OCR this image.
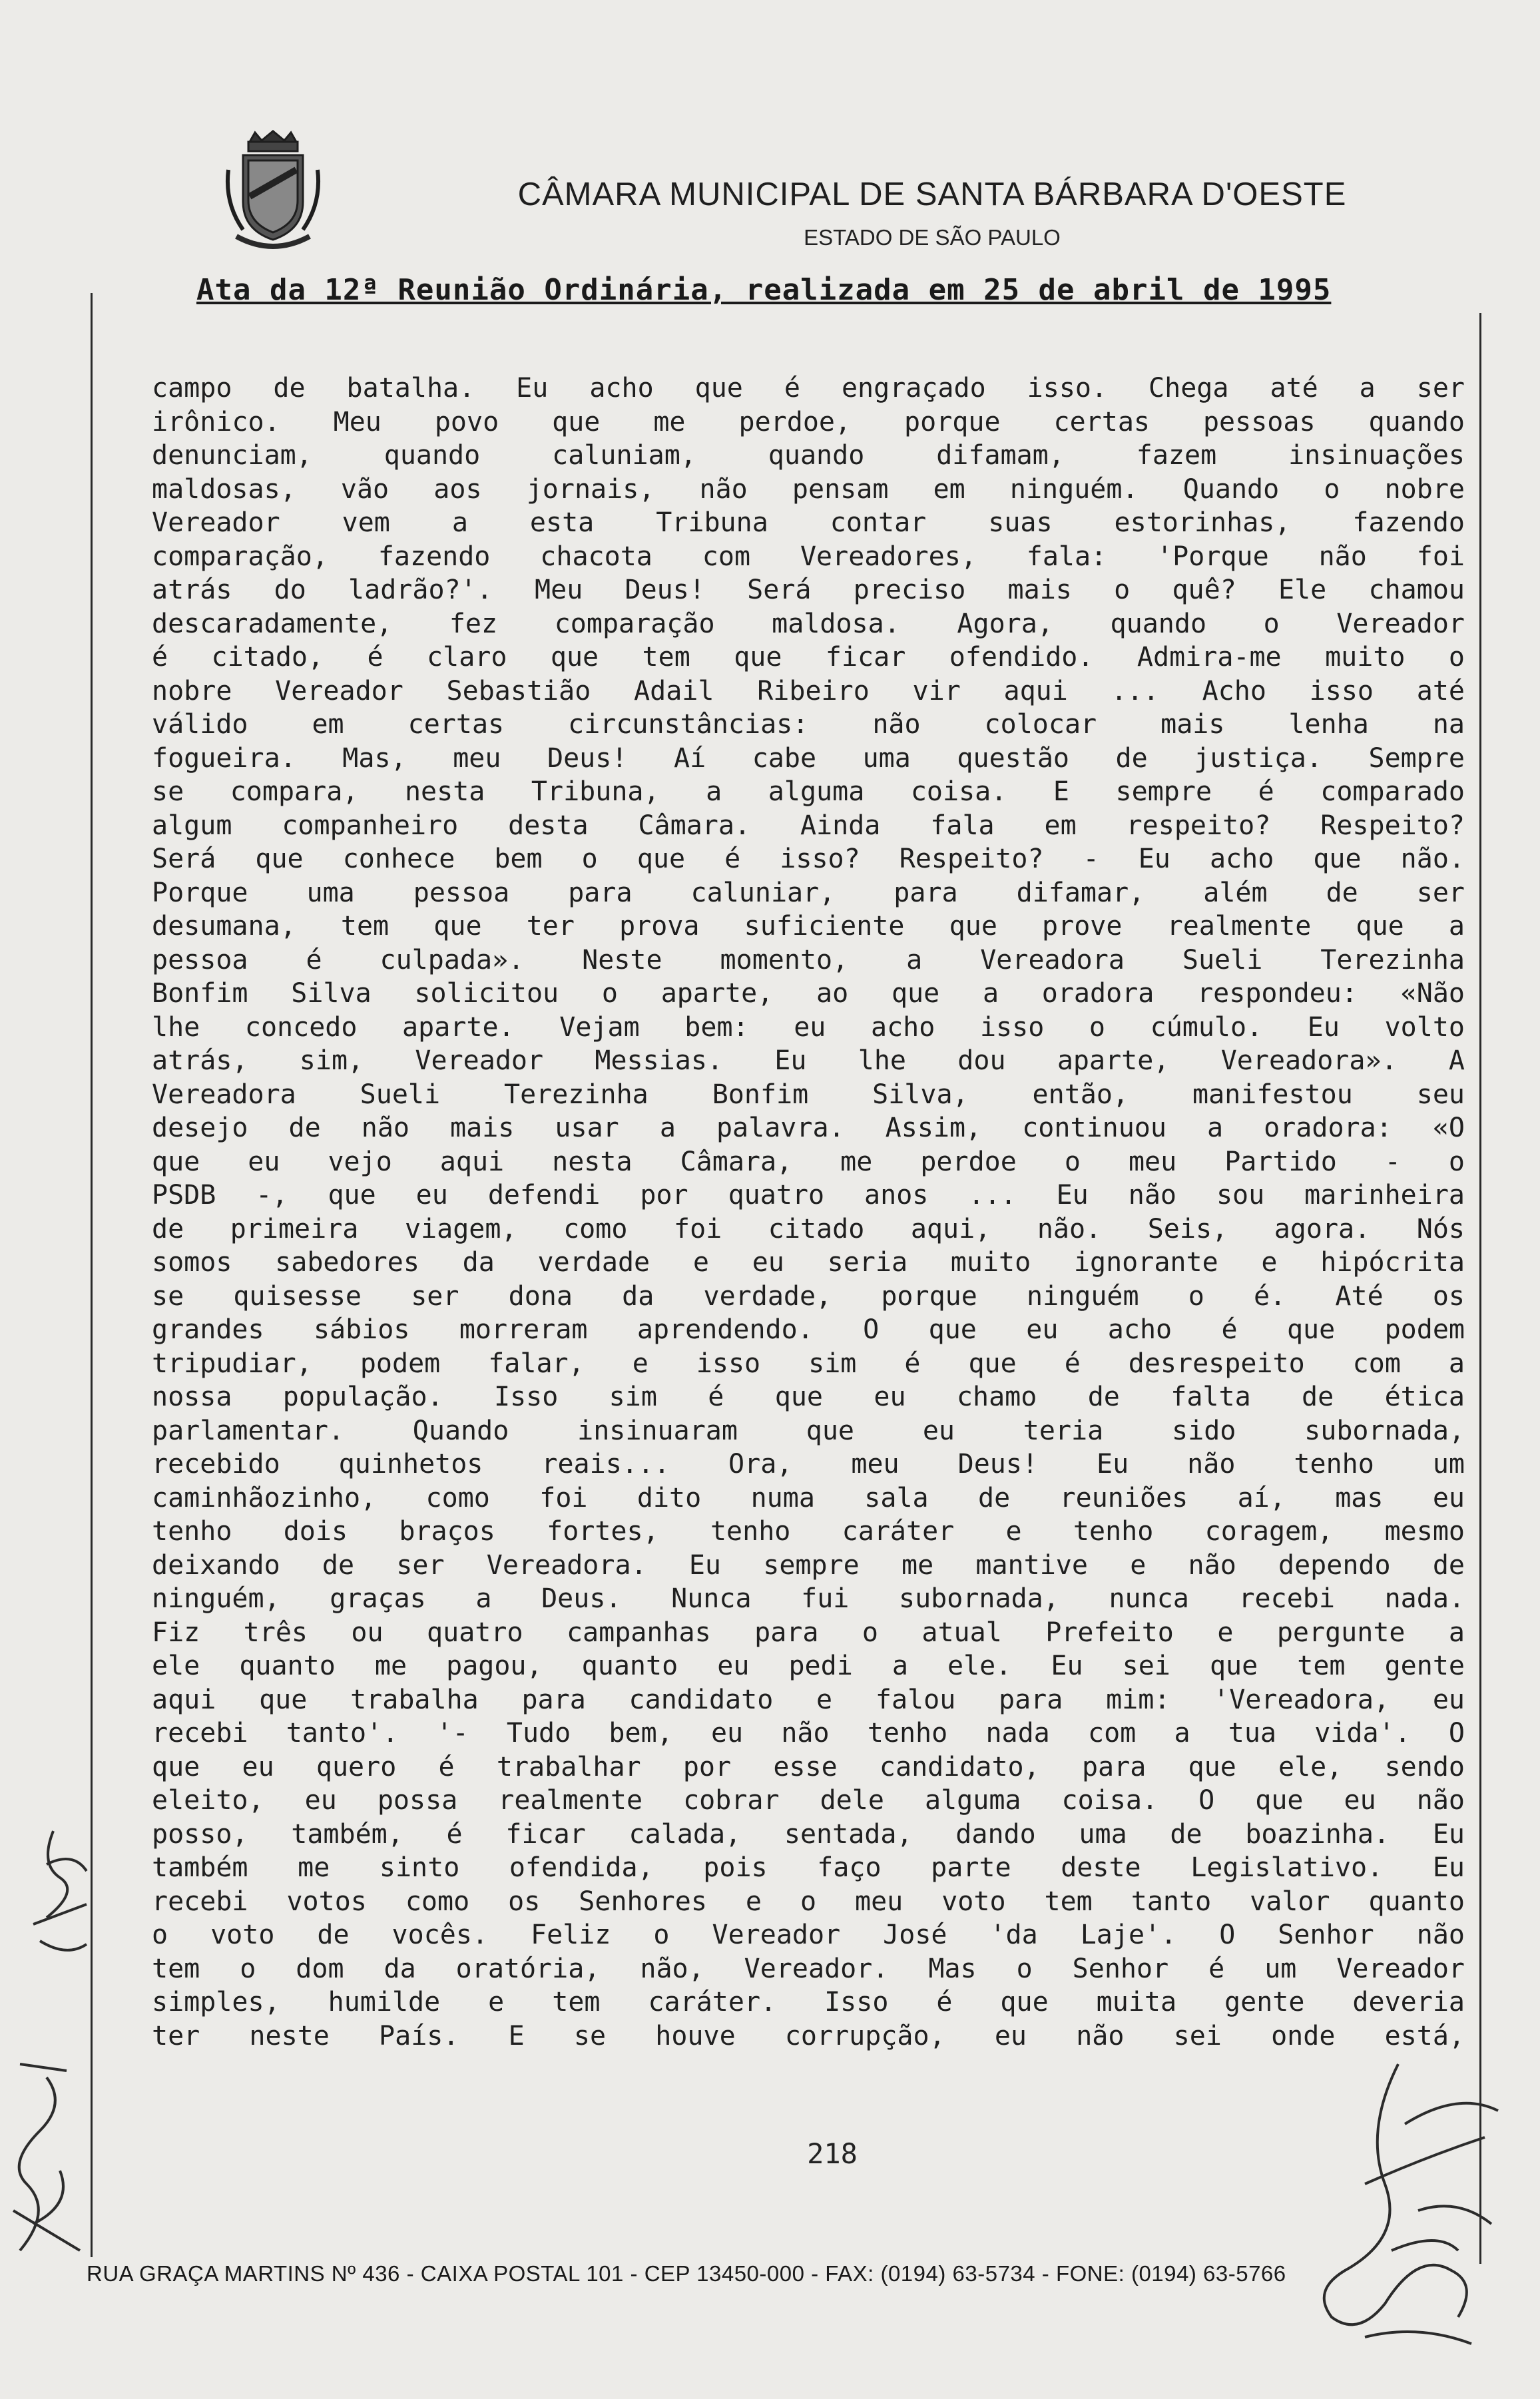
CÂMARA MUNICIPAL DE SANTA BÁRBARA D'OESTE
ESTADO DE SÃO PAULO
Ata da 12ª Reunião Ordinária, realizada em 25 de abril de 1995
campo de batalha. Eu acho que é engraçado isso. Chega até a ser
irônico. Meu povo que me perdoe, porque certas pessoas quando
denunciam, quando caluniam, quando difamam, fazem insinuações
maldosas, vão aos jornais, não pensam em ninguém. Quando o nobre
Vereador vem a esta Tribuna contar suas estorinhas, fazendo
comparação, fazendo chacota com Vereadores, fala: 'Porque não foi
atrás do ladrão?'. Meu Deus! Será preciso mais o quê? Ele chamou
descaradamente, fez comparação maldosa. Agora, quando o Vereador
é citado, é claro que tem que ficar ofendido. Admira-me muito o
nobre Vereador Sebastião Adail Ribeiro vir aqui ... Acho isso até
válido em certas circunstâncias: não colocar mais lenha na
fogueira. Mas, meu Deus! Aí cabe uma questão de justiça. Sempre
se compara, nesta Tribuna, a alguma coisa. E sempre é comparado
algum companheiro desta Câmara. Ainda fala em respeito? Respeito?
Será que conhece bem o que é isso? Respeito? - Eu acho que não.
Porque uma pessoa para caluniar, para difamar, além de ser
desumana, tem que ter prova suficiente que prove realmente que a
pessoa é culpada». Neste momento, a Vereadora Sueli Terezinha
Bonfim Silva solicitou o aparte, ao que a oradora respondeu: «Não
lhe concedo aparte. Vejam bem: eu acho isso o cúmulo. Eu volto
atrás, sim, Vereador Messias. Eu lhe dou aparte, Vereadora». A
Vereadora Sueli Terezinha Bonfim Silva, então, manifestou seu
desejo de não mais usar a palavra. Assim, continuou a oradora: «O
que eu vejo aqui nesta Câmara, me perdoe o meu Partido - o
PSDB -, que eu defendi por quatro anos ... Eu não sou marinheira
de primeira viagem, como foi citado aqui, não. Seis, agora. Nós
somos sabedores da verdade e eu seria muito ignorante e hipócrita
se quisesse ser dona da verdade, porque ninguém o é. Até os
grandes sábios morreram aprendendo. O que eu acho é que podem
tripudiar, podem falar, e isso sim é que é desrespeito com a
nossa população. Isso sim é que eu chamo de falta de ética
parlamentar. Quando insinuaram que eu teria sido subornada,
recebido quinhetos reais... Ora, meu Deus! Eu não tenho um
caminhãozinho, como foi dito numa sala de reuniões aí, mas eu
tenho dois braços fortes, tenho caráter e tenho coragem, mesmo
deixando de ser Vereadora. Eu sempre me mantive e não dependo de
ninguém, graças a Deus. Nunca fui subornada, nunca recebi nada.
Fiz três ou quatro campanhas para o atual Prefeito e pergunte a
ele quanto me pagou, quanto eu pedi a ele. Eu sei que tem gente
aqui que trabalha para candidato e falou para mim: 'Vereadora, eu
recebi tanto'. '- Tudo bem, eu não tenho nada com a tua vida'. O
que eu quero é trabalhar por esse candidato, para que ele, sendo
eleito, eu possa realmente cobrar dele alguma coisa. O que eu não
posso, também, é ficar calada, sentada, dando uma de boazinha. Eu
também me sinto ofendida, pois faço parte deste Legislativo. Eu
recebi votos como os Senhores e o meu voto tem tanto valor quanto
o voto de vocês. Feliz o Vereador José 'da Laje'. O Senhor não
tem o dom da oratória, não, Vereador. Mas o Senhor é um Vereador
simples, humilde e tem caráter. Isso é que muita gente deveria
ter neste País. E se houve corrupção, eu não sei onde está,
218
RUA GRAÇA MARTINS Nº 436 - CAIXA POSTAL 101 - CEP 13450-000 - FAX: (0194) 63-5734 - FONE: (0194) 63-5766
